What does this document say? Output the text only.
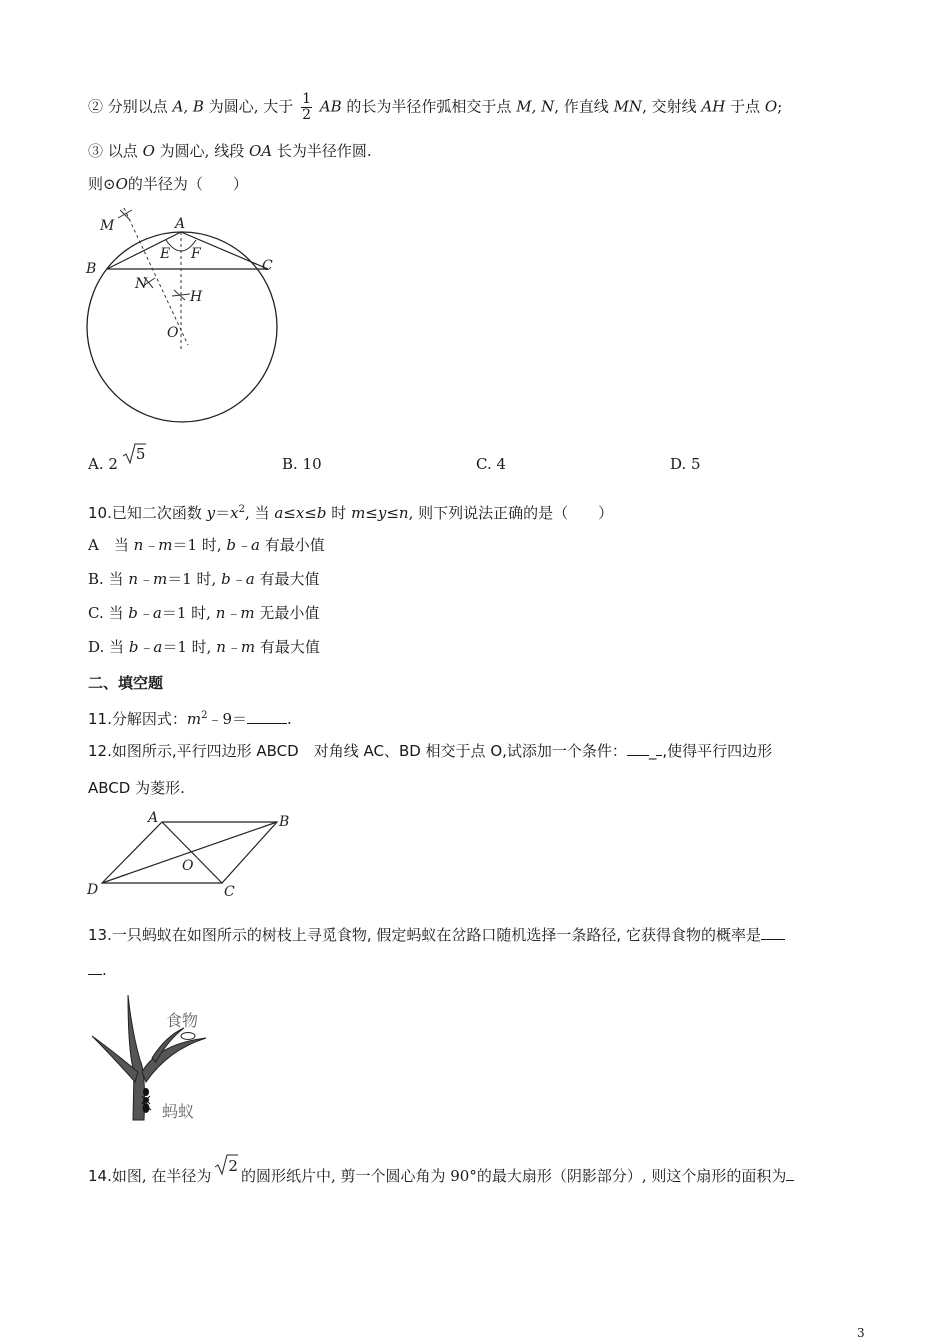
② 分别以点 A, B 为圆心, 大于 $\frac{1}{2}$ AB 的长为半径作弧相交于点 M, N, 作直线 MN, 交射线 AH 于点 O;
③ 以点 O 为圆心, 线段 OA 长为半径作圆.
则⊙O的半径为（　　）
M	A
B	C
E F
N
H
O
A. 2
5
B. 10	C. 4	D. 5
10.已知二次函数 $y=x^2$, 当 a≤x≤b 时 m≤y≤n, 则下列说法正确的是（　　）
A　当 n﹣m＝1 时, b﹣a 有最小值
B. 当 n﹣m＝1 时, b﹣a 有最大值
C. 当 b﹣a＝1 时, n﹣m 无最小值
D. 当 b﹣a＝1 时, n﹣m 有最大值
二、填空题
11.分解因式：$m^2﹣9=$	.
12.如图所示,平行四边形 ABCD　对角线 AC、BD 相交于点 O,试添加一个条件： _ ,使得平行四边形
ABCD 为菱形.
A	B
C
D
O
13.一只蚂蚁在如图所示的树枝上寻觅食物, 假定蚂蚁在岔路口随机选择一条路径, 它获得食物的概率是
.
食物
蚂蚁
14.如图, 在半径为
2的圆形纸片中, 剪一个圆心角为 90°的最大扇形（阴影部分）, 则这个扇形的面积为
3
